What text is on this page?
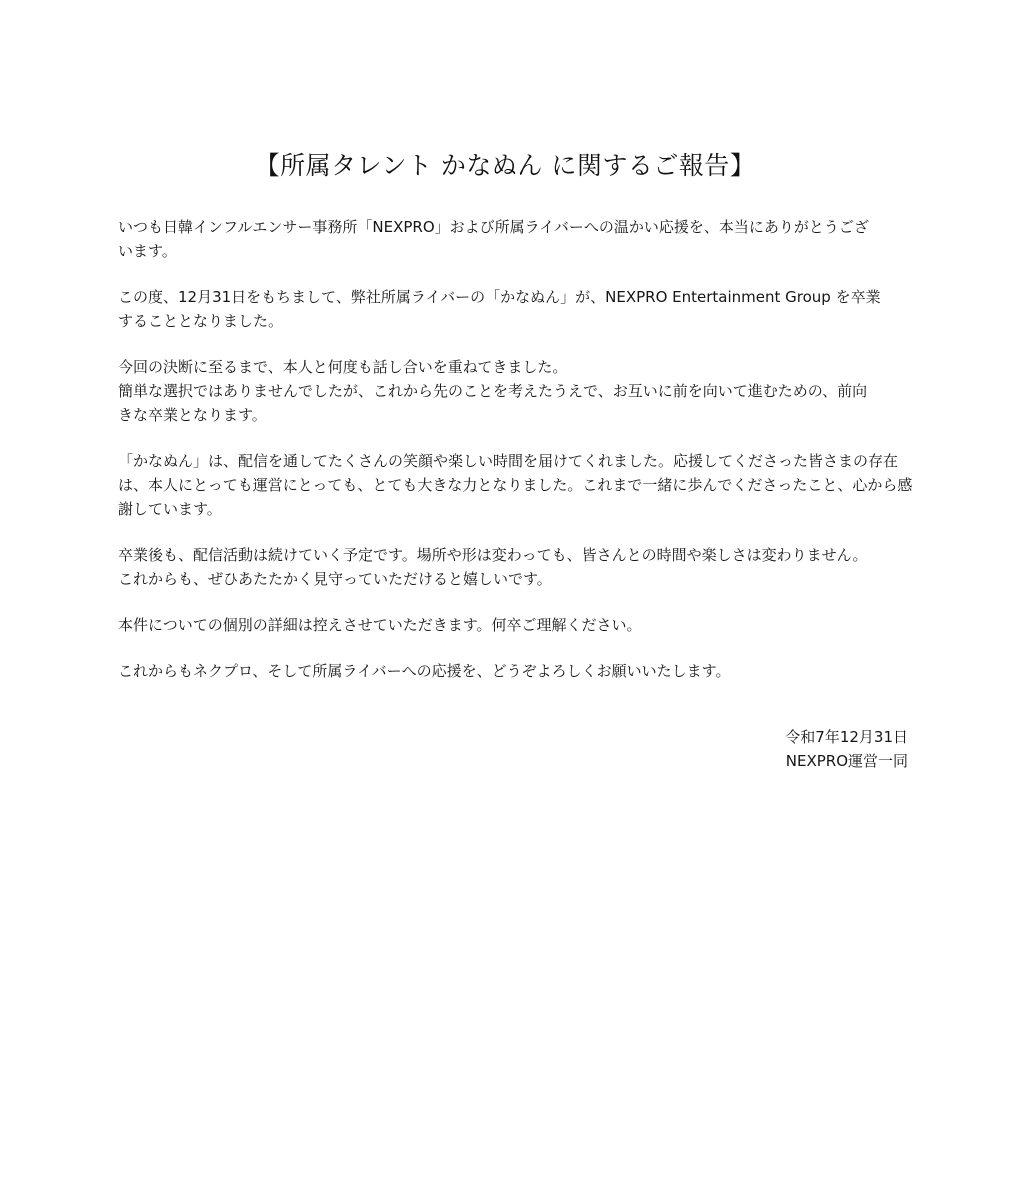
【所属タレント かなぬん に関するご報告】

いつも日韓インフルエンサー事務所「NEXPRO」および所属ライバーへの温かい応援を、本当にありがとうござ
います。

この度、12月31日をもちまして、弊社所属ライバーの「かなぬん」が、NEXPRO Entertainment Group を卒業
することとなりました。

今回の決断に至るまで、本人と何度も話し合いを重ねてきました。
簡単な選択ではありませんでしたが、これから先のことを考えたうえで、お互いに前を向いて進むための、前向
きな卒業となります。

「かなぬん」は、配信を通してたくさんの笑顔や楽しい時間を届けてくれました。応援してくださった皆さまの存在
は、本人にとっても運営にとっても、とても大きな力となりました。これまで一緒に歩んでくださったこと、心から感
謝しています。

卒業後も、配信活動は続けていく予定です。場所や形は変わっても、皆さんとの時間や楽しさは変わりません。
これからも、ぜひあたたかく見守っていただけると嬉しいです。

本件についての個別の詳細は控えさせていただきます。何卒ご理解ください。

これからもネクプロ、そして所属ライバーへの応援を、どうぞよろしくお願いいたします。

令和7年12月31日
NEXPRO運営一同
